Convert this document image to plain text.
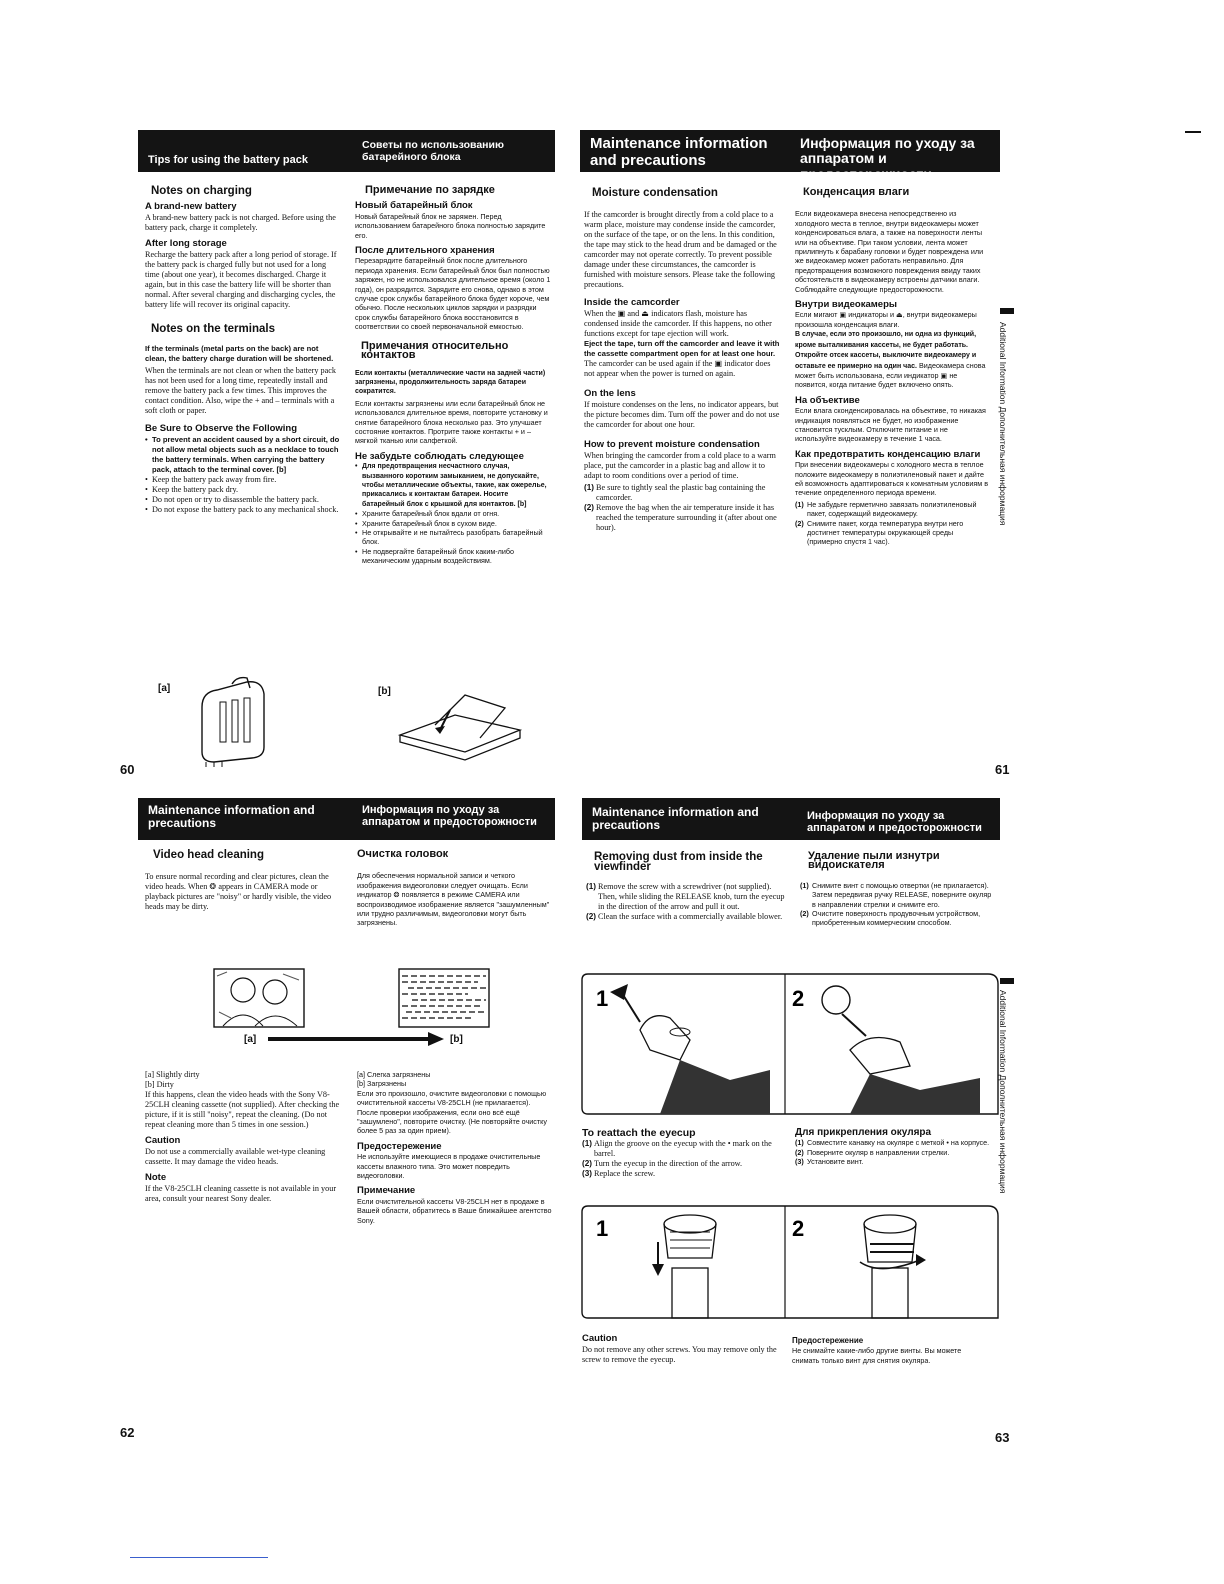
Tips for using the battery pack
Советы по использованию батарейного блока
Maintenance information and precautions
Информация по уходу за аппаратом и предосторожности
Notes on charging
A brand-new battery

A brand-new battery pack is not charged. Before using the battery pack, charge it completely.

After long storage

Recharge the battery pack after a long period of storage. If the battery pack is charged fully but not used for a long time (about one year), it becomes discharged. Charge it again, but in this case the battery life will be shorter than normal. After several charging and discharging cycles, the battery life will recover its original capacity.

Notes on the terminals

If the terminals (metal parts on the back) are not clean, the battery charge duration will be shortened.

When the terminals are not clean or when the battery pack has not been used for a long time, repeatedly install and remove the battery pack a few times. This improves the contact condition. Also, wipe the + and – terminals with a soft cloth or paper.

Be Sure to Observe the Following
• To prevent an accident caused by a short circuit, do not allow metal objects such as a necklace to touch the battery terminals. When carrying the battery pack, attach to the terminal cover. [b]
• Keep the battery pack away from fire.
• Keep the battery pack dry.
• Do not open or try to disassemble the battery pack.
• Do not expose the battery pack to any mechanical shock.
Примечание по зарядке
Новый батарейный блок

Новый батарейный блок не заряжен. Перед использованием батарейного блока полностью зарядите его.

После длительного хранения

Перезарядите батарейный блок после длительного периода хранения. Если батарейный блок был полностью заряжен, но не использовался длительное время (около 1 года), он разрядится. Зарядите его снова, однако в этом случае срок службы батарейного блока будет короче, чем обычно. После нескольких циклов зарядки и разрядки срок службы батарейного блока восстановится в соответствии со своей первоначальной емкостью.

Примечания относительно контактов

Если контакты (металлические части на задней части) загрязнены, продолжительность заряда батареи сократится.

Если контакты загрязнены или если батарейный блок не использовался длительное время, повторите установку и снятие батарейного блока несколько раз. Это улучшает состояние контактов. Протрите также контакты + и – мягкой тканью или салфеткой.

Не забудьте соблюдать следующее
• Для предотвращения несчастного случая, вызванного коротким замыканием, не допускайте, чтобы металлические объекты, такие, как ожерелье, прикасались к контактам батареи. Носите батарейный блок с крышкой для контактов. [b]
• Храните батарейный блок вдали от огня.
• Храните батарейный блок в сухом виде.
• Не открывайте и не пытайтесь разобрать батарейный блок.
• Не подвергайте батарейный блок каким-либо механическим ударным воздействиям.
[a]	[b]
60
Moisture condensation

If the camcorder is brought directly from a cold place to a warm place, moisture may condense inside the camcorder, on the surface of the tape, or on the lens. In this condition, the tape may stick to the head drum and be damaged or the camcorder may not operate correctly. To prevent possible damage under these circumstances, the camcorder is furnished with moisture sensors. Please take the following precautions.

Inside the camcorder

When the ▣ and ⏏ indicators flash, moisture has condensed inside the camcorder. If this happens, no other functions except for tape ejection will work.
Eject the tape, turn off the camcorder and leave it with the cassette compartment open for at least one hour. The camcorder can be used again if the ▣ indicator does not appear when the power is turned on again.

On the lens

If moisture condenses on the lens, no indicator appears, but the picture becomes dim. Turn off the power and do not use the camcorder for about one hour.

How to prevent moisture condensation

When bringing the camcorder from a cold place to a warm place, put the camcorder in a plastic bag and allow it to adapt to room conditions over a period of time.

(1) Be sure to tightly seal the plastic bag containing the camcorder.
(2) Remove the bag when the air temperature inside it has reached the temperature surrounding it (after about one hour).
Конденсация влаги

Если видеокамера внесена непосредственно из холодного места в теплое, внутри видеокамеры может конденсироваться влага, а также на поверхности ленты или на объективе. При таком условии, лента может прилипнуть к барабану головки и будет повреждена или же видеокамер может работать неправильно. Для предотвращения возможного повреждения ввиду таких обстоятельств в видеокамеру встроены датчики влаги. Соблюдайте следующие предосторожности.

Внутри видеокамеры

Если мигают ▣ индикаторы и ⏏, внутри видеокамеры произошла конденсация влаги.
В случае, если это произошло, ни одна из функций, кроме выталкивания кассеты, не будет работать. Откройте отсек кассеты, выключите видеокамеру и оставьте ее примерно на один час. Видеокамера снова может быть использована, если индикатор ▣ не появится, когда питание будет включено опять.

На объективе

Если влага сконденсировалась на объективе, то никакая индикация появляться не будет, но изображение становится тусклым. Отключите питание и не используйте видеокамеру в течение 1 часа.

Как предотвратить конденсацию влаги

При внесении видеокамеры с холодного места в теплое положите видеокамеру в полиэтиленовый пакет и дайте ей возможность адаптироваться к комнатным условиям в течение определенного периода времени.

(1) Не забудьте герметично завязать полиэтиленовый пакет, содержащий видеокамеру.
(2) Снимите пакет, когда температура внутри него достигнет температуры окружающей среды (примерно спустя 1 час).
Additional Information Дополнительная информация
61
Maintenance information and precautions
Информация по уходу за аппаратом и предосторожности
Maintenance information and precautions
Информация по уходу за аппаратом и предосторожности
Video head cleaning

To ensure normal recording and clear pictures, clean the video heads. When ❂ appears in CAMERA mode or playback pictures are "noisy" or hardly visible, the video heads may be dirty.

Очистка головок

Для обеспечения нормальной записи и четкого изображения видеоголовки следует очищать. Если индикатор ❂ появляется в режиме CAMERA или воспроизводимое изображение является "зашумленным" или трудно различимым, видеоголовки могут быть загрязнены.

[a]	[b]

[a] Slightly dirty
[b] Dirty

If this happens, clean the video heads with the Sony V8-25CLH cleaning cassette (not supplied). After checking the picture, if it is still "noisy", repeat the cleaning. (Do not repeat cleaning more than 5 times in one session.)

Caution

Do not use a commercially available wet-type cleaning cassette. It may damage the video heads.

Note

If the V8-25CLH cleaning cassette is not available in your area, consult your nearest Sony dealer.

[a] Слегка загрязнены
[b] Загрязнены

Если это произошло, очистите видеоголовки с помощью очистительной кассеты V8-25CLH (не прилагается). После проверки изображения, если оно всё ещё "зашумлено", повторите очистку. (Не повторяйте очистку более 5 раз за один прием).

Предостережение

Не используйте имеющиеся в продаже очистительные кассеты влажного типа. Это может повредить видеоголовки.

Примечание

Если очистительной кассеты V8-25CLH нет в продаже в Вашей области, обратитесь в Ваше ближайшее агентство Sony.

62
Removing dust from inside the viewfinder
(1) Remove the screw with a screwdriver (not supplied). Then, while sliding the RELEASE knob, turn the eyecup in the direction of the arrow and pull it out.
(2) Clean the surface with a commercially available blower.
Удаление пыли изнутри видоискателя
(1) Снимите винт с помощью отвертки (не прилагается). Затем передвигая ручку RELEASE, поверните окуляр в направлении стрелки и снимите его.
(2) Очистите поверхность продувочным устройством, приобретенным коммерческим способом.
1	2
To reattach the eyecup
(1) Align the groove on the eyecup with the • mark on the barrel.
(2) Turn the eyecup in the direction of the arrow.
(3) Replace the screw.
Для прикрепления окуляра
(1) Совместите канавку на окуляре с меткой • на корпусе.
(2) Поверните окуляр в направлении стрелки.
(3) Установите винт.
1	2
Caution

Do not remove any other screws. You may remove only the screw to remove the eyecup.

Предостережение

Не снимайте какие-либо другие винты. Вы можете снимать только винт для снятия окуляра.

Additional Information Дополнительная информация
63
